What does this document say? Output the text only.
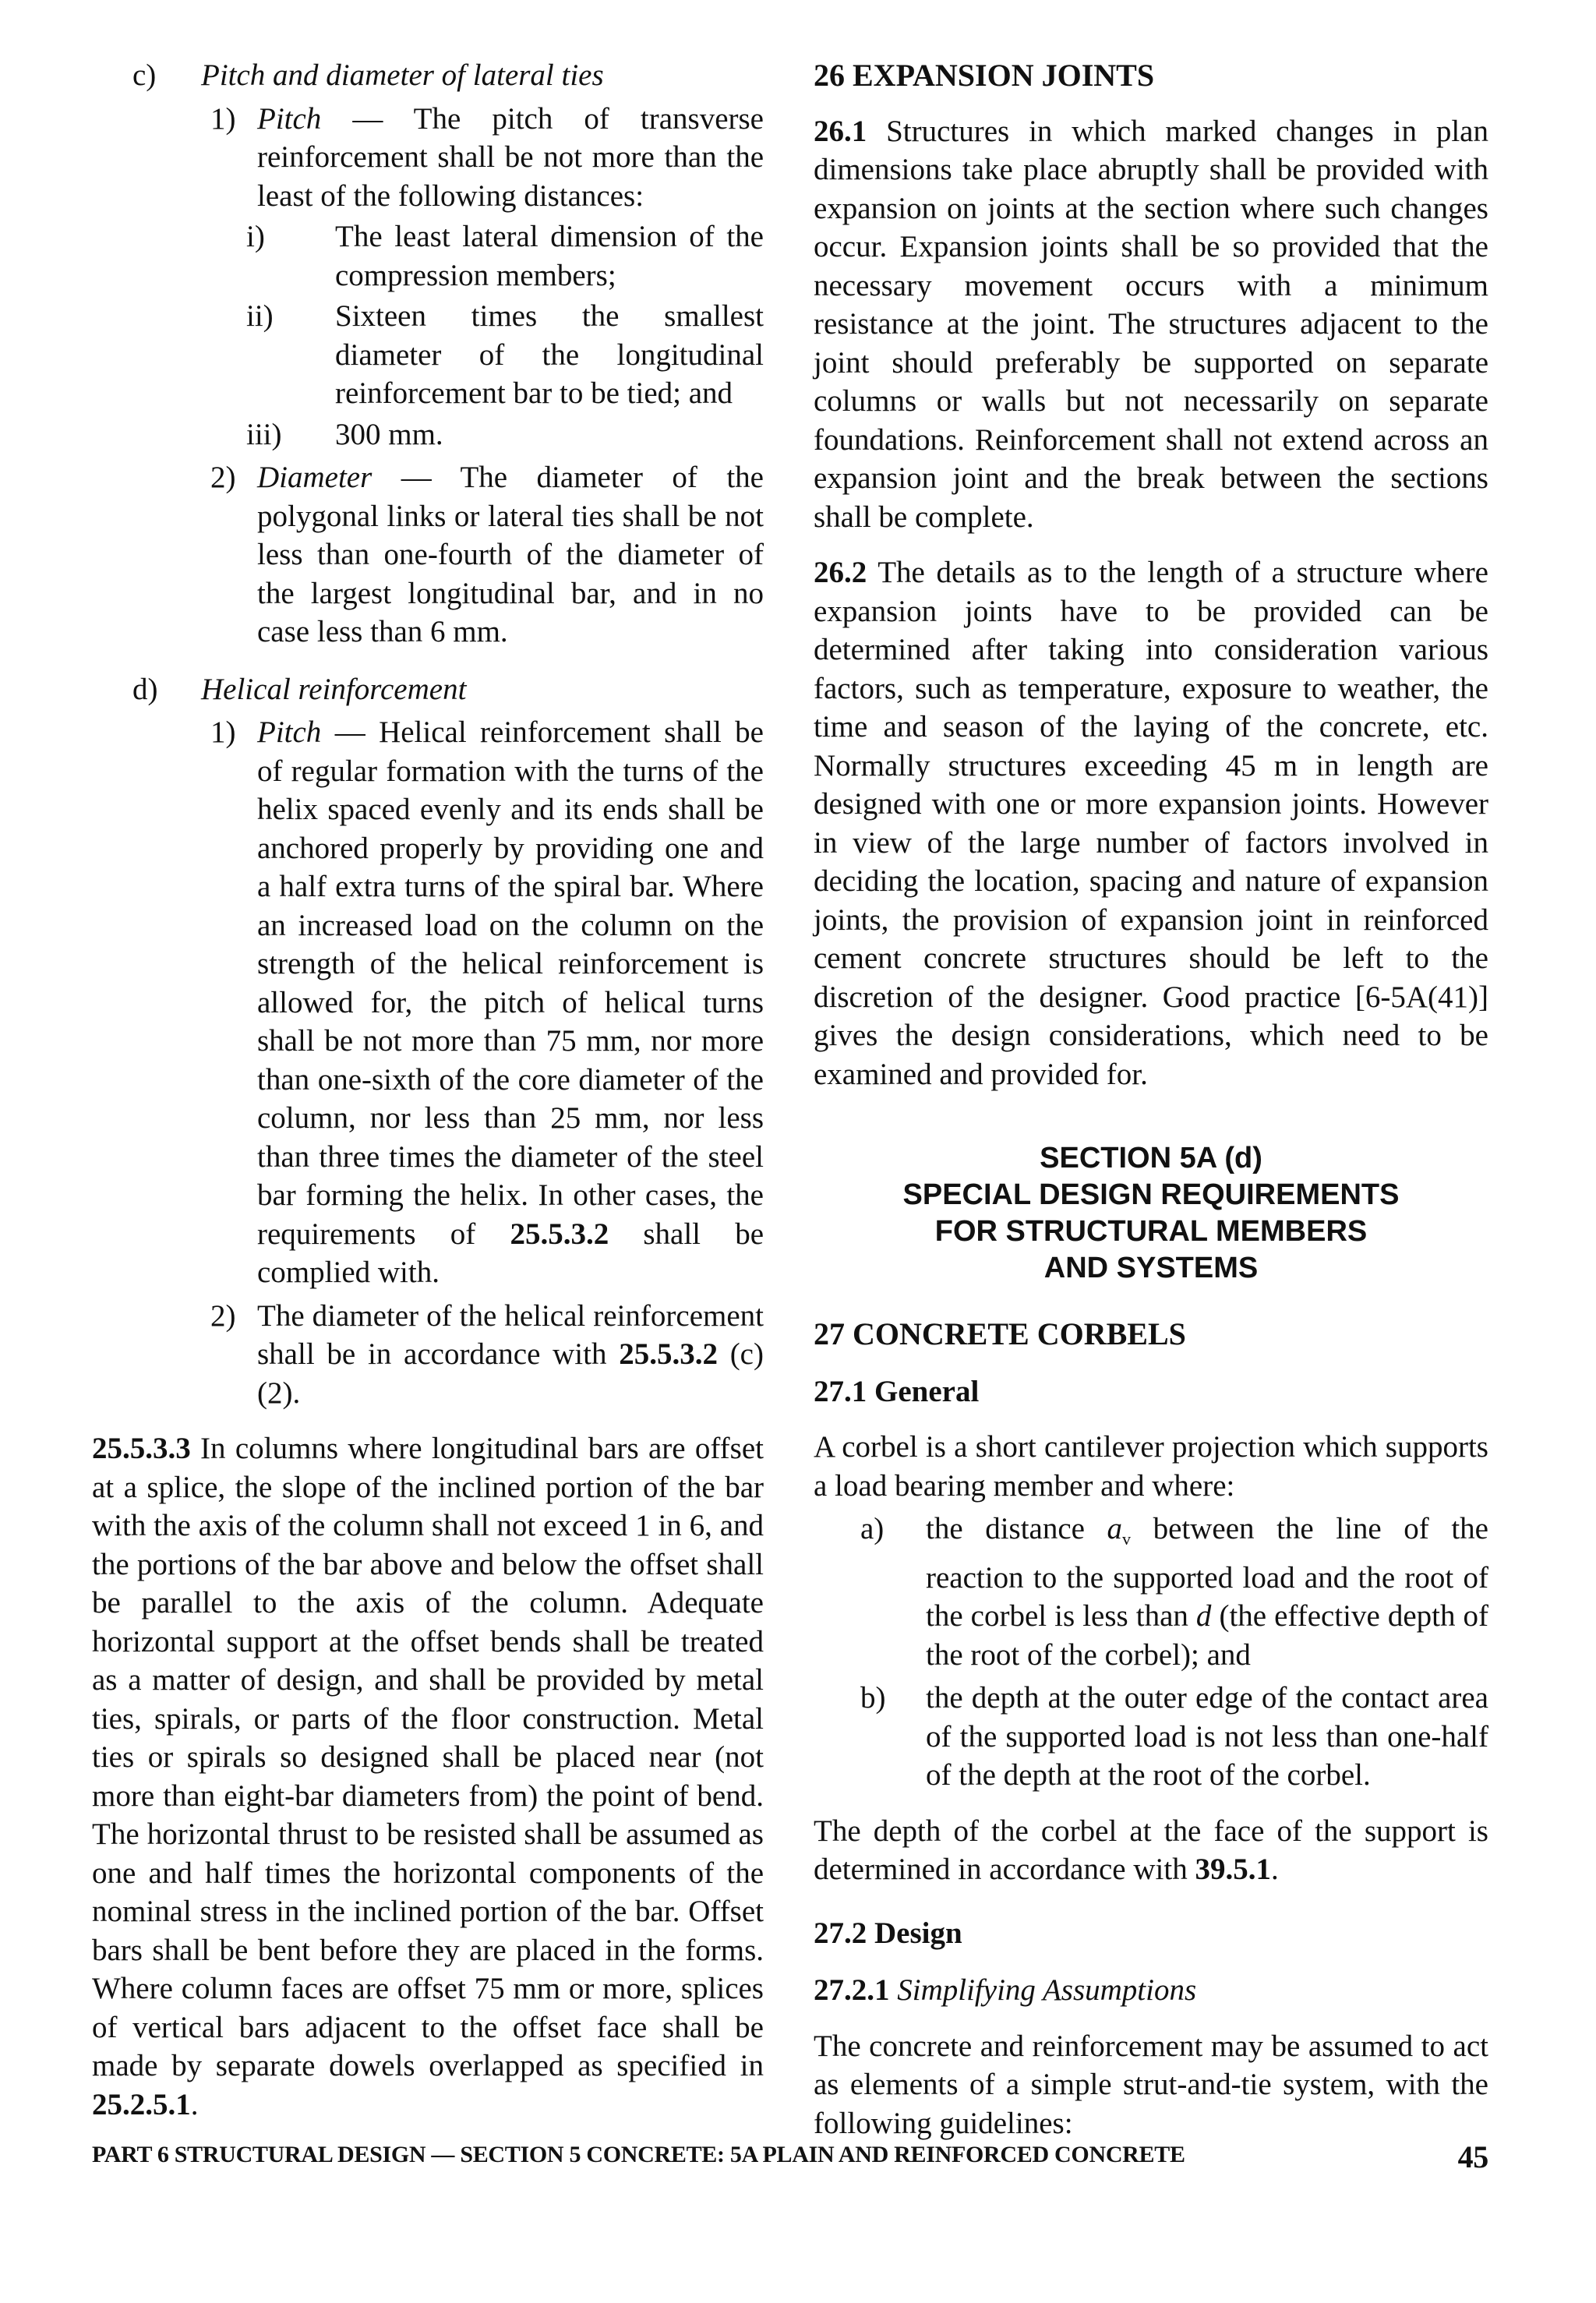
c) Pitch and diameter of lateral ties
1) Pitch — The pitch of transverse reinforcement shall be not more than the least of the following distances:
i) The least lateral dimension of the compression members;
ii) Sixteen times the smallest diameter of the longitudinal reinforcement bar to be tied; and
iii) 300 mm.
2) Diameter — The diameter of the polygonal links or lateral ties shall be not less than one-fourth of the diameter of the largest longitudinal bar, and in no case less than 6 mm.
d) Helical reinforcement
1) Pitch — Helical reinforcement shall be of regular formation with the turns of the helix spaced evenly and its ends shall be anchored properly by providing one and a half extra turns of the spiral bar. Where an increased load on the column on the strength of the helical reinforcement is allowed for, the pitch of helical turns shall be not more than 75 mm, nor more than one-sixth of the core diameter of the column, nor less than 25 mm, nor less than three times the diameter of the steel bar forming the helix. In other cases, the requirements of 25.5.3.2 shall be complied with.
2) The diameter of the helical reinforcement shall be in accordance with 25.5.3.2 (c) (2).

25.5.3.3 In columns where longitudinal bars are offset at a splice, the slope of the inclined portion of the bar with the axis of the column shall not exceed 1 in 6, and the portions of the bar above and below the offset shall be parallel to the axis of the column. Adequate horizontal support at the offset bends shall be treated as a matter of design, and shall be provided by metal ties, spirals, or parts of the floor construction. Metal ties or spirals so designed shall be placed near (not more than eight-bar diameters from) the point of bend. The horizontal thrust to be resisted shall be assumed as one and half times the horizontal components of the nominal stress in the inclined portion of the bar. Offset bars shall be bent before they are placed in the forms. Where column faces are offset 75 mm or more, splices of vertical bars adjacent to the offset face shall be made by separate dowels overlapped as specified in 25.2.5.1.

26 EXPANSION JOINTS

26.1 Structures in which marked changes in plan dimensions take place abruptly shall be provided with expansion on joints at the section where such changes occur. Expansion joints shall be so provided that the necessary movement occurs with a minimum resistance at the joint. The structures adjacent to the joint should preferably be supported on separate columns or walls but not necessarily on separate foundations. Reinforcement shall not extend across an expansion joint and the break between the sections shall be complete.

26.2 The details as to the length of a structure where expansion joints have to be provided can be determined after taking into consideration various factors, such as temperature, exposure to weather, the time and season of the laying of the concrete, etc. Normally structures exceeding 45 m in length are designed with one or more expansion joints. However in view of the large number of factors involved in deciding the location, spacing and nature of expansion joints, the provision of expansion joint in reinforced cement concrete structures should be left to the discretion of the designer. Good practice [6-5A(41)] gives the design considerations, which need to be examined and provided for.

SECTION 5A (d)
SPECIAL DESIGN REQUIREMENTS
FOR STRUCTURAL MEMBERS
AND SYSTEMS

27 CONCRETE CORBELS

27.1 General

A corbel is a short cantilever projection which supports a load bearing member and where:

a) the distance $a_v$ between the line of the reaction to the supported load and the root of the corbel is less than d (the effective depth of the root of the corbel); and
b) the depth at the outer edge of the contact area of the supported load is not less than one-half of the depth at the root of the corbel.

The depth of the corbel at the face of the support is determined in accordance with 39.5.1.

27.2 Design

27.2.1 Simplifying Assumptions

The concrete and reinforcement may be assumed to act as elements of a simple strut-and-tie system, with the following guidelines:

PART 6 STRUCTURAL DESIGN — SECTION 5 CONCRETE: 5A PLAIN AND REINFORCED CONCRETE	45
